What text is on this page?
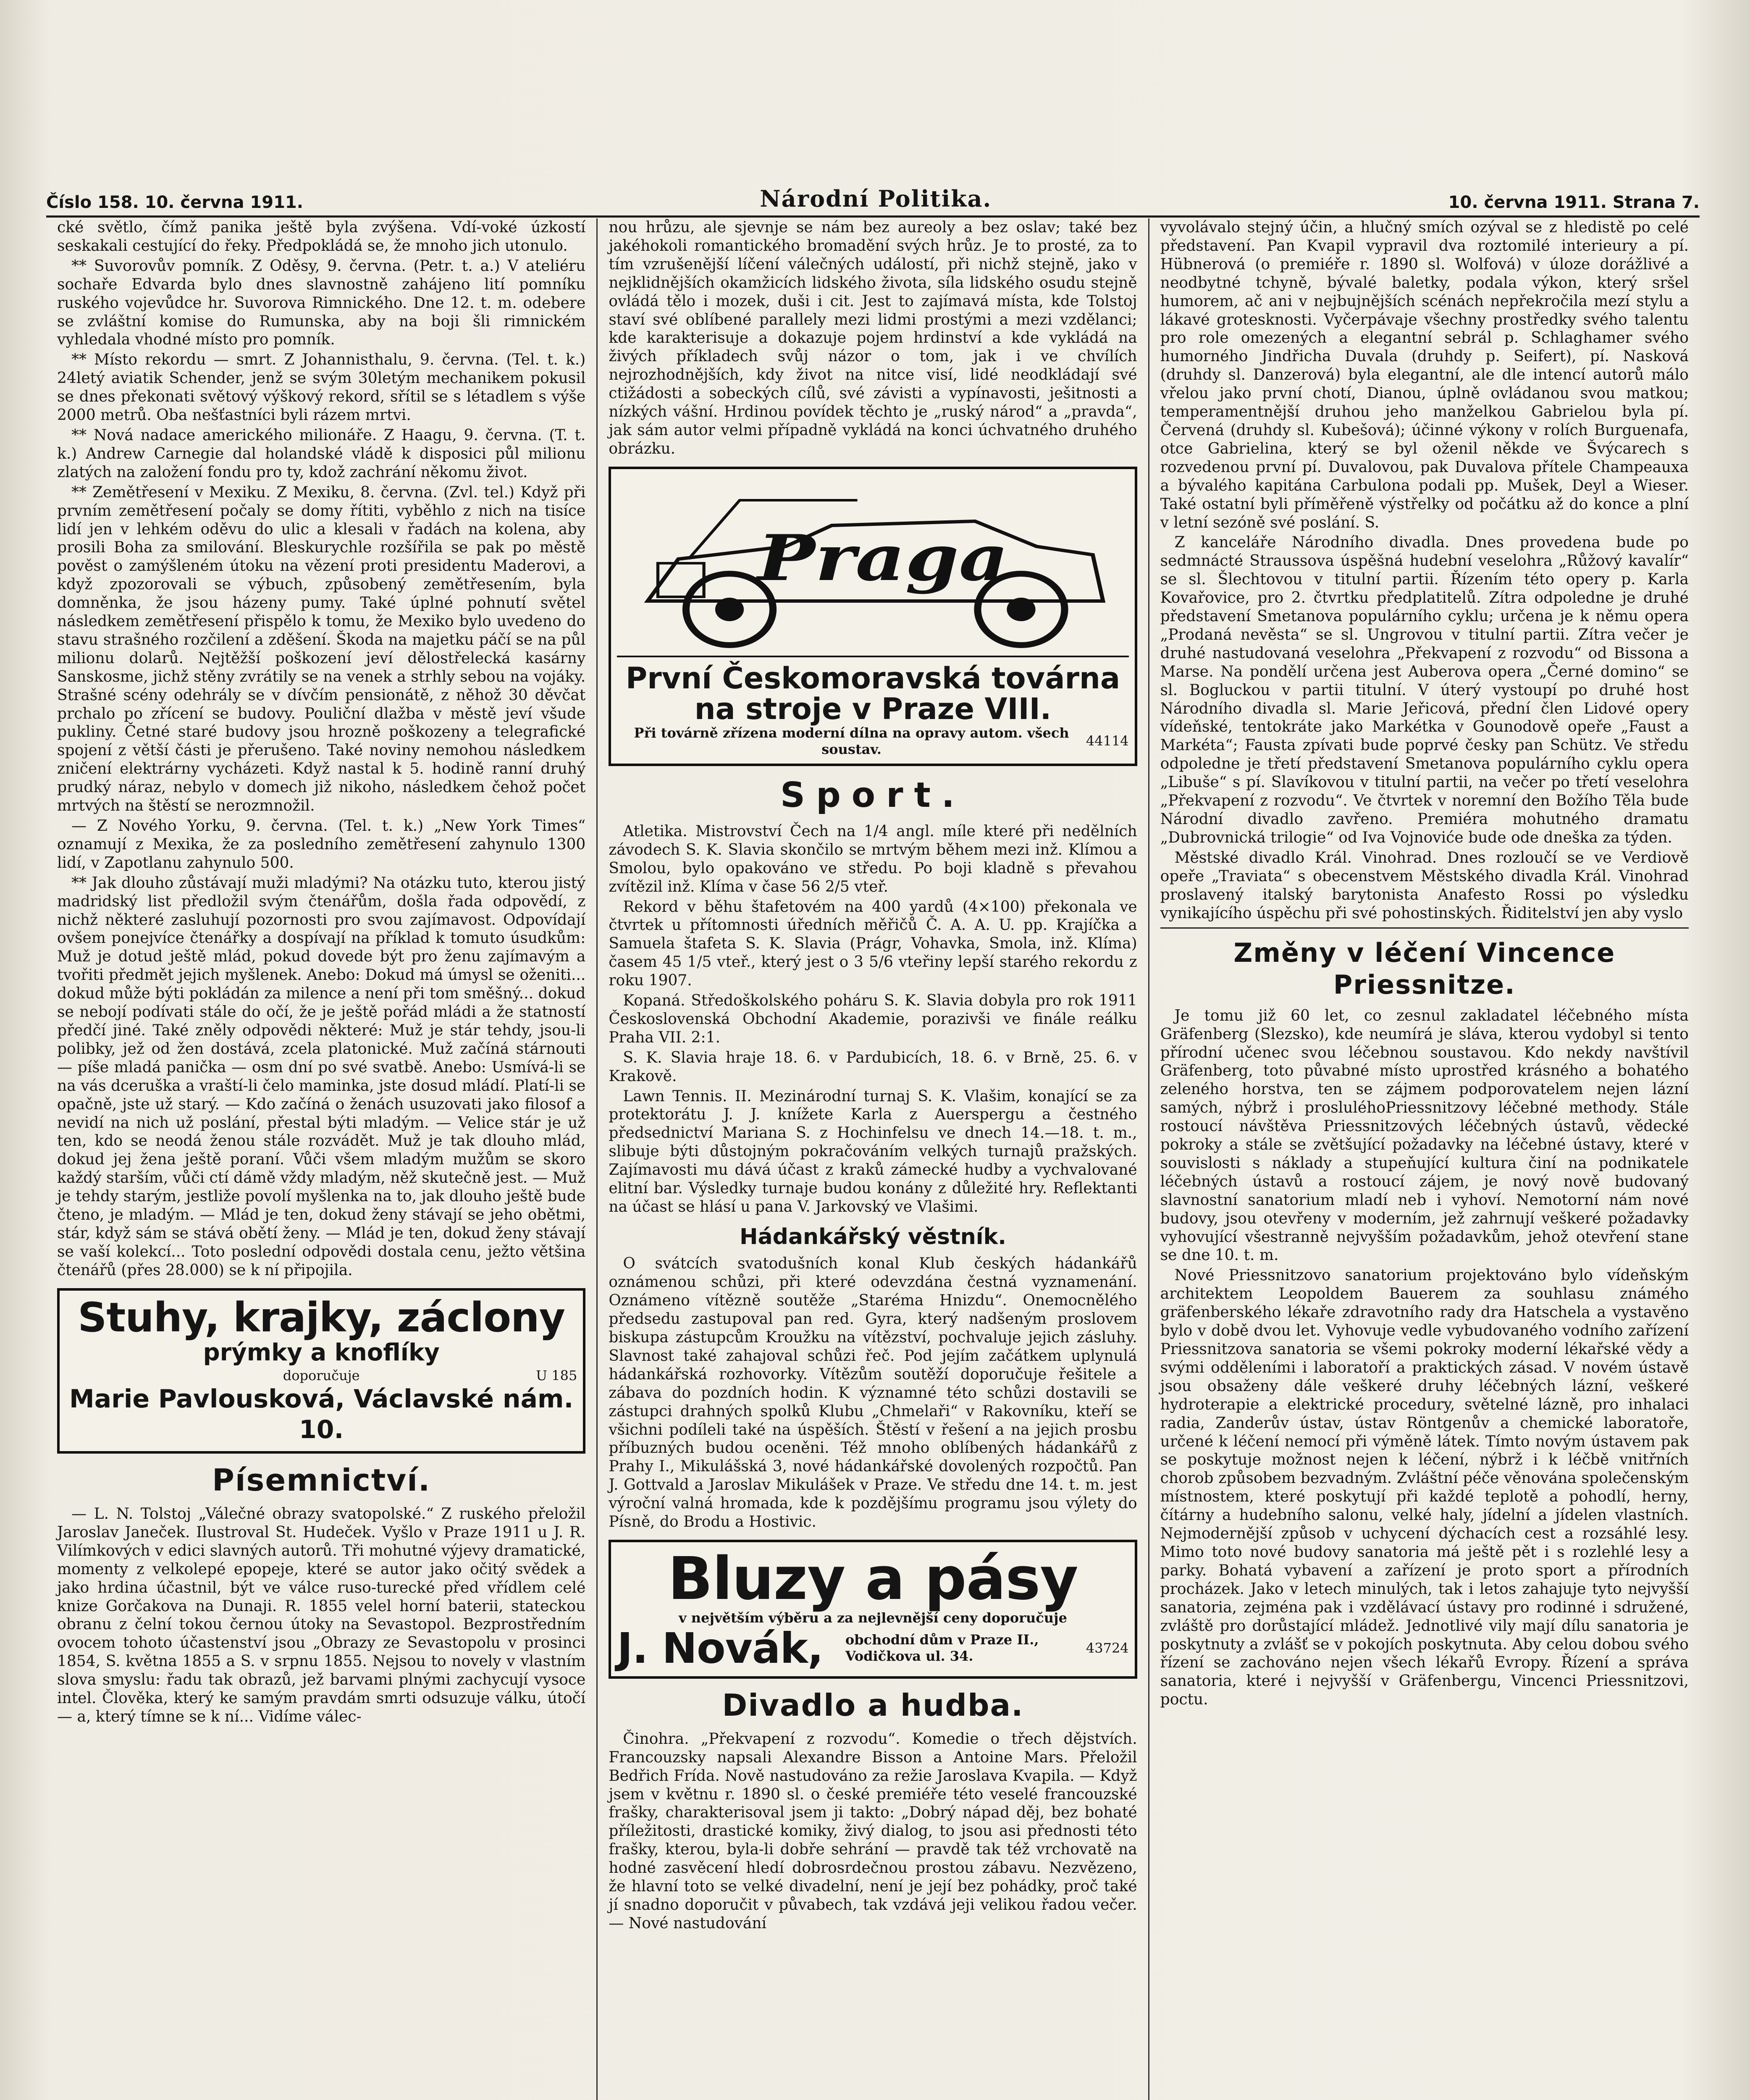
Číslo 158. 10. června 1911.	Národní Politika.	10. června 1911. Strana 7.

cké světlo, čímž panika ještě byla zvýšena. Vdí-voké úzkostí seskakali cestující do řeky. Předpokládá se, že mnoho jich utonulo.

** Suvorovův pomník. Z Oděsy, 9. června. (Petr. t. a.) V ateliéru sochaře Edvarda bylo dnes slavnostně zahájeno lití pomníku ruského vojevůdce hr. Suvorova Rimnického. Dne 12. t. m. odebere se zvláštní komise do Rumunska, aby na boji šli rimnickém vyhledala vhodné místo pro pomník.

** Místo rekordu — smrt. Z Johannisthalu, 9. června. (Tel. t. k.) 24letý aviatik Schender, jenž se svým 30letým mechanikem pokusil se dnes překonati světový výškový rekord, sřítil se s létadlem s výše 2000 metrů. Oba nešťastníci byli rázem mrtvi.

** Nová nadace amerického milionáře. Z Haagu, 9. června. (T. t. k.) Andrew Carnegie dal holandské vládě k disposici půl milionu zlatých na založení fondu pro ty, kdož zachrání někomu život.

** Zemětřesení v Mexiku. Z Mexiku, 8. června. (Zvl. tel.) Když při prvním zemětřesení počaly se domy řítiti, vyběhlo z nich na tisíce lidí jen v lehkém oděvu do ulic a klesali v řadách na kolena, aby prosili Boha za smilování. Bleskurychle rozšířila se pak po městě pověst o zamýšleném útoku na vězení proti presidentu Maderovi, a když zpozorovali se výbuch, způsobený zemětřesením, byla domněnka, že jsou házeny pumy. Také úplné pohnutí světel následkem zemětřesení přispělo k tomu, že Mexiko bylo uvedeno do stavu strašného rozčilení a zděšení. Škoda na majetku páčí se na půl milionu dolarů. Nejtěžší poškození jeví dělostřelecká kasárny Sanskosme, jichž stěny zvrátily se na venek a strhly sebou na vojáky. Strašné scény odehrály se v dívčím pensionátě, z něhož 30 děvčat prchalo po zřícení se budovy. Pouliční dlažba v městě jeví všude pukliny. Četné staré budovy jsou hrozně poškozeny a telegrafické spojení z větší části je přerušeno. Také noviny nemohou následkem zničení elektrárny vycházeti. Když nastal k 5. hodině ranní druhý prudký náraz, nebylo v domech již nikoho, následkem čehož počet mrtvých na štěstí se nerozmnožil.

— Z Nového Yorku, 9. června. (Tel. t. k.) „New York Times“ oznamují z Mexika, že za posledního zemětřesení zahynulo 1300 lidí, v Zapotlanu zahynulo 500.

** Jak dlouho zůstávají muži mladými? Na otázku tuto, kterou jistý madridský list předložil svým čtenářům, došla řada odpovědí, z nichž některé zasluhují pozornosti pro svou zajímavost. Odpovídají ovšem ponejvíce čtenářky a dospívají na příklad k tomuto úsudkům: Muž je dotud ještě mlád, pokud dovede být pro ženu zajímavým a tvořiti předmět jejich myšlenek. Anebo: Dokud má úmysl se oženiti... dokud může býti pokládán za milence a není při tom směšný... dokud se nebojí podívati stále do očí, že je ještě pořád mládi a že statností předčí jiné. Také zněly odpovědi některé: Muž je stár tehdy, jsou-li polibky, jež od žen dostává, zcela platonické. Muž začíná stárnouti — píše mladá panička — osm dní po své svatbě. Anebo: Usmívá-li se na vás dceruška a vraští-li čelo maminka, jste dosud mládí. Platí-li se opačně, jste už starý. — Kdo začíná o ženách usuzovati jako filosof a nevidí na nich už poslání, přestal býti mladým. — Velice stár je už ten, kdo se neodá ženou stále rozvádět. Muž je tak dlouho mlád, dokud jej žena ještě poraní. Vůči všem mladým mužům se skoro každý starším, vůči ctí dámě vždy mladým, něž skutečně jest. — Muž je tehdy starým, jestliže povolí myšlenka na to, jak dlouho ještě bude čteno, je mladým. — Mlád je ten, dokud ženy stávají se jeho obětmi, stár, když sám se stává obětí ženy. — Mlád je ten, dokud ženy stávají se vaší kolekcí... Toto poslední odpovědi dostala cenu, ježto většina čtenářů (přes 28.000) se k ní připojila.

Stuhy, krajky, záclony
prýmky a knoflíky
doporučuje	U 185
Marie Pavlousková, Václavské nám. 10.
Písemnictví.

— L. N. Tolstoj „Válečné obrazy svatopolské.“ Z ruského přeložil Jaroslav Janeček. Ilustroval St. Hudeček. Vyšlo v Praze 1911 u J. R. Vilímkových v edici slavných autorů. Tři mohutné výjevy dramatické, momenty z velkolepé epopeje, které se autor jako očitý svědek a jako hrdina účastnil, být ve válce ruso-turecké před vřídlem celé knize Gorčakova na Dunaji. R. 1855 velel horní baterii, stateckou obranu z čelní tokou černou útoky na Sevastopol. Bezprostředním ovocem tohoto účastenství jsou „Obrazy ze Sevastopolu v prosinci 1854, S. května 1855 a S. v srpnu 1855. Nejsou to novely v vlastním slova smyslu: řadu tak obrazů, jež barvami plnými zachycují vysoce intel. Člověka, který ke samým pravdám smrti odsuzuje válku, útočí — a, který tímne se k ní... Vidíme válec-

nou hrůzu, ale sjevnje se nám bez aureoly a bez oslav; také bez jakéhokoli romantického bromadění svých hrůz. Je to prosté, za to tím vzrušenější líčení válečných událostí, při nichž stejně, jako v nejklidnějších okamžicích lidského života, síla lidského osudu stejně ovládá tělo i mozek, duši i cit. Jest to zajímavá místa, kde Tolstoj staví své oblíbené parallely mezi lidmi prostými a mezi vzdělanci; kde karakterisuje a dokazuje pojem hrdinství a kde vykládá na živých příkladech svůj názor o tom, jak i ve chvílích nejrozhodnějších, kdy život na nitce visí, lidé neodkládají své ctižádosti a sobeckých cílů, své závisti a vypínavosti, ješitnosti a nízkých vášní. Hrdinou povídek těchto je „ruský národ“ a „pravda“, jak sám autor velmi případně vykládá na konci úchvatného druhého obrázku.

Praga
První Českomoravská továrna
na stroje v Praze VIII.
Při továrně zřízena moderní dílna na opravy autom. všech soustav.
44114
Sport.

Atletika. Mistrovství Čech na 1/4 angl. míle které při nedělních závodech S. K. Slavia skončilo se mrtvým během mezi inž. Klímou a Smolou, bylo opakováno ve středu. Po boji kladně s převahou zvítězil inž. Klíma v čase 56 2/5 vteř.

Rekord v běhu štafetovém na 400 yardů (4×100) překonala ve čtvrtek u přítomnosti úředních měřičů Č. A. A. U. pp. Krajíčka a Samuela štafeta S. K. Slavia (Prágr, Vohavka, Smola, inž. Klíma) časem 45 1/5 vteř., který jest o 3 5/6 vteřiny lepší starého rekordu z roku 1907.

Kopaná. Středoškolského poháru S. K. Slavia dobyla pro rok 1911 Československá Obchodní Akademie, porazivši ve finále reálku Praha VII. 2:1.

S. K. Slavia hraje 18. 6. v Pardubicích, 18. 6. v Brně, 25. 6. v Krakově.

Lawn Tennis. II. Mezinárodní turnaj S. K. Vlašim, konající se za protektorátu J. J. knížete Karla z Auerspergu a čestného předsednictví Mariana S. z Hochinfelsu ve dnech 14.—18. t. m., slibuje býti důstojným pokračováním velkých turnajů pražských. Zajímavosti mu dává účast z kraků zámecké hudby a vychvalované elitní bar. Výsledky turnaje budou konány z důležité hry. Reflektanti na účast se hlásí u pana V. Jarkovský ve Vlašimi.

Hádankářský věstník.

O svátcích svatodušních konal Klub českých hádankářů oznámenou schůzi, při které odevzdána čestná vyznamenání. Oznámeno vítězně soutěže „Staréma Hnizdu“. Onemocnělého předsedu zastupoval pan red. Gyra, který nadšeným proslovem biskupa zástupcům Kroužku na vítězství, pochvaluje jejich zásluhy. Slavnost také zahajoval schůzi řeč. Pod jejím začátkem uplynulá hádankářská rozhovorky. Vítězům soutěží doporučuje řešitele a zábava do pozdních hodin. K významné této schůzi dostavili se zástupci drahných spolků Klubu „Chmelaři“ v Rakovníku, kteří se všichni podíleli také na úspěších. Štěstí v řešení a na jejich prosbu příbuzných budou oceněni. Též mnoho oblíbených hádankářů z Prahy I., Mikulášská 3, nové hádankářské dovolených rozpočtů. Pan J. Gottvald a Jaroslav Mikulášek v Praze. Ve středu dne 14. t. m. jest výroční valná hromada, kde k pozdějšímu programu jsou výlety do Písně, do Brodu a Hostivic.

Bluzy a pásy
v největším výběru a za nejlevnější ceny doporučuje
J. Novák, obchodní dům v Praze II., Vodičkova ul. 34.
43724
Divadlo a hudba.

Činohra. „Překvapení z rozvodu“. Komedie o třech dějstvích. Francouzsky napsali Alexandre Bisson a Antoine Mars. Přeložil Bedřich Frída. Nově nastudováno za režie Jaroslava Kvapila. — Když jsem v květnu r. 1890 sl. o české premiéře této veselé francouzské frašky, charakterisoval jsem ji takto: „Dobrý nápad děj, bez bohaté příležitosti, drastické komiky, živý dialog, to jsou asi přednosti této frašky, kterou, byla-li dobře sehrání — pravdě tak též vrchovatě na hodné zasvěcení hledí dobrosrdečnou prostou zábavu. Nezvězeno, že hlavní toto se velké divadelní, není je její bez pohádky, proč také jí snadno doporučit v půvabech, tak vzdává jeji velikou řadou večer. — Nové nastudování

vyvolávalo stejný účin, a hlučný smích ozýval se z hledistě po celé představení. Pan Kvapil vypravil dva roztomilé interieury a pí. Hübnerová (o premiéře r. 1890 sl. Wolfová) v úloze dorážlivé a neodbytné tchyně, bývalé baletky, podala výkon, který sršel humorem, ač ani v nejbujnějších scénách nepřekročila mezí stylu a lákavé grotesknosti. Vyčerpávaje všechny prostředky svého talentu pro role omezených a elegantní sebrál p. Schlaghamer svého humorného Jindřicha Duvala (druhdy p. Seifert), pí. Nasková (druhdy sl. Danzerová) byla elegantní, ale dle intencí autorů málo vřelou jako první chotí, Dianou, úplně ovládanou svou matkou; temperamentnější druhou jeho manželkou Gabrielou byla pí. Červená (druhdy sl. Kubešová); účinné výkony v rolích Burguenafa, otce Gabrielina, který se byl oženil někde ve Švýcarech s rozvedenou první pí. Duvalovou, pak Duvalova přítele Champeauxa a bývalého kapitána Carbulona podali pp. Mušek, Deyl a Wieser. Také ostatní byli příměřeně výstřelky od počátku až do konce a plní v letní sezóně své poslání. S.

Z kanceláře Národního divadla. Dnes provedena bude po sedmnácté Straussova úspěšná hudební veselohra „Růžový kavalír“ se sl. Šlechtovou v titulní partii. Řízením této opery p. Karla Kovařovice, pro 2. čtvrtku předplatitelů. Zítra odpoledne je druhé představení Smetanova populárního cyklu; určena je k němu opera „Prodaná nevěsta“ se sl. Ungrovou v titulní partii. Zítra večer je druhé nastudovaná veselohra „Překvapení z rozvodu“ od Bissona a Marse. Na pondělí určena jest Auberova opera „Černé domino“ se sl. Bogluckou v partii titulní. V úterý vystoupí po druhé host Národního divadla sl. Marie Jeřicová, přední člen Lidové opery vídeňské, tentokráte jako Markétka v Gounodově opeře „Faust a Markéta“; Fausta zpívati bude poprvé česky pan Schütz. Ve středu odpoledne je třetí představení Smetanova populárního cyklu opera „Libuše“ s pí. Slavíkovou v titulní partii, na večer po třetí veselohra „Překvapení z rozvodu“. Ve čtvrtek v noremní den Božího Těla bude Národní divadlo zavřeno. Premiéra mohutného dramatu „Dubrovnická trilogie“ od Iva Vojnoviće bude ode dneška za týden.

Městské divadlo Král. Vinohrad. Dnes rozloučí se ve Verdiově opeře „Traviata“ s obecenstvem Městského divadla Král. Vinohrad proslavený italský barytonista Anafesto Rossi po výsledku vynikajícího úspěchu při své pohostinských. Řiditelství jen aby vyslo

Změny v léčení Vincence Priessnitze.

Je tomu již 60 let, co zesnul zakladatel léčebného místa Gräfenberg (Slezsko), kde neumírá je sláva, kterou vydobyl si tento přírodní učenec svou léčebnou soustavou. Kdo nekdy navštívil Gräfenberg, toto půvabné místo uprostřed krásného a bohatého zeleného horstva, ten se zájmem podporovatelem nejen lázní samých, nýbrž i prosluléhoPriessnitzovy léčebné methody. Stále rostoucí návštěva Priessnitzových léčebných ústavů, vědecké pokroky a stále se zvětšující požadavky na léčebné ústavy, které v souvislosti s náklady a stupeňující kultura činí na podnikatele léčebných ústavů a rostoucí zájem, je nový nově budovaný slavnostní sanatorium mladí neb i vyhoví. Nemotorní nám nové budovy, jsou otevřeny v moderním, jež zahrnují veškeré požadavky vyhovující všestranně nejvyšším požadavkům, jehož otevření stane se dne 10. t. m.

Nové Priessnitzovo sanatorium projektováno bylo vídeňským architektem Leopoldem Bauerem za souhlasu známého gräfenberského lékaře zdravotního rady dra Hatschela a vystavěno bylo v době dvou let. Vyhovuje vedle vybudovaného vodního zařízení Priessnitzova sanatoria se všemi pokroky moderní lékařské vědy a svými odděleními i laboratoří a praktických zásad. V novém ústavě jsou obsaženy dále veškeré druhy léčebných lázní, veškeré hydroterapie a elektrické procedury, světelné lázně, pro inhalaci radia, Zanderův ústav, ústav Röntgenův a chemické laboratoře, určené k léčení nemocí při výměně látek. Tímto novým ústavem pak se poskytuje možnost nejen k léčení, nýbrž i k léčbě vnitřních chorob způsobem bezvadným. Zvláštní péče věnována společenským místnostem, které poskytují při každé teplotě a pohodlí, herny, čítárny a hudebního salonu, velké haly, jídelní a jídelen vlastních. Nejmodernější způsob v uchycení dýchacích cest a rozsáhlé lesy. Mimo toto nové budovy sanatoria má ještě pět i s rozlehlé lesy a parky. Bohatá vybavení a zařízení je proto sport a přírodních procházek. Jako v letech minulých, tak i letos zahajuje tyto nejvyšší sanatoria, zejména pak i vzdělávací ústavy pro rodinné i sdružené, zvláště pro dorůstající mládež. Jednotlivé vily mají dílu sanatoria je poskytnuty a zvlášť se v pokojích poskytnuta. Aby celou dobou svého řízení se zachováno nejen všech lékařů Evropy. Řízení a správa sanatoria, které i nejvyšší v Gräfenbergu, Vincenci Priessnitzovi, poctu.
